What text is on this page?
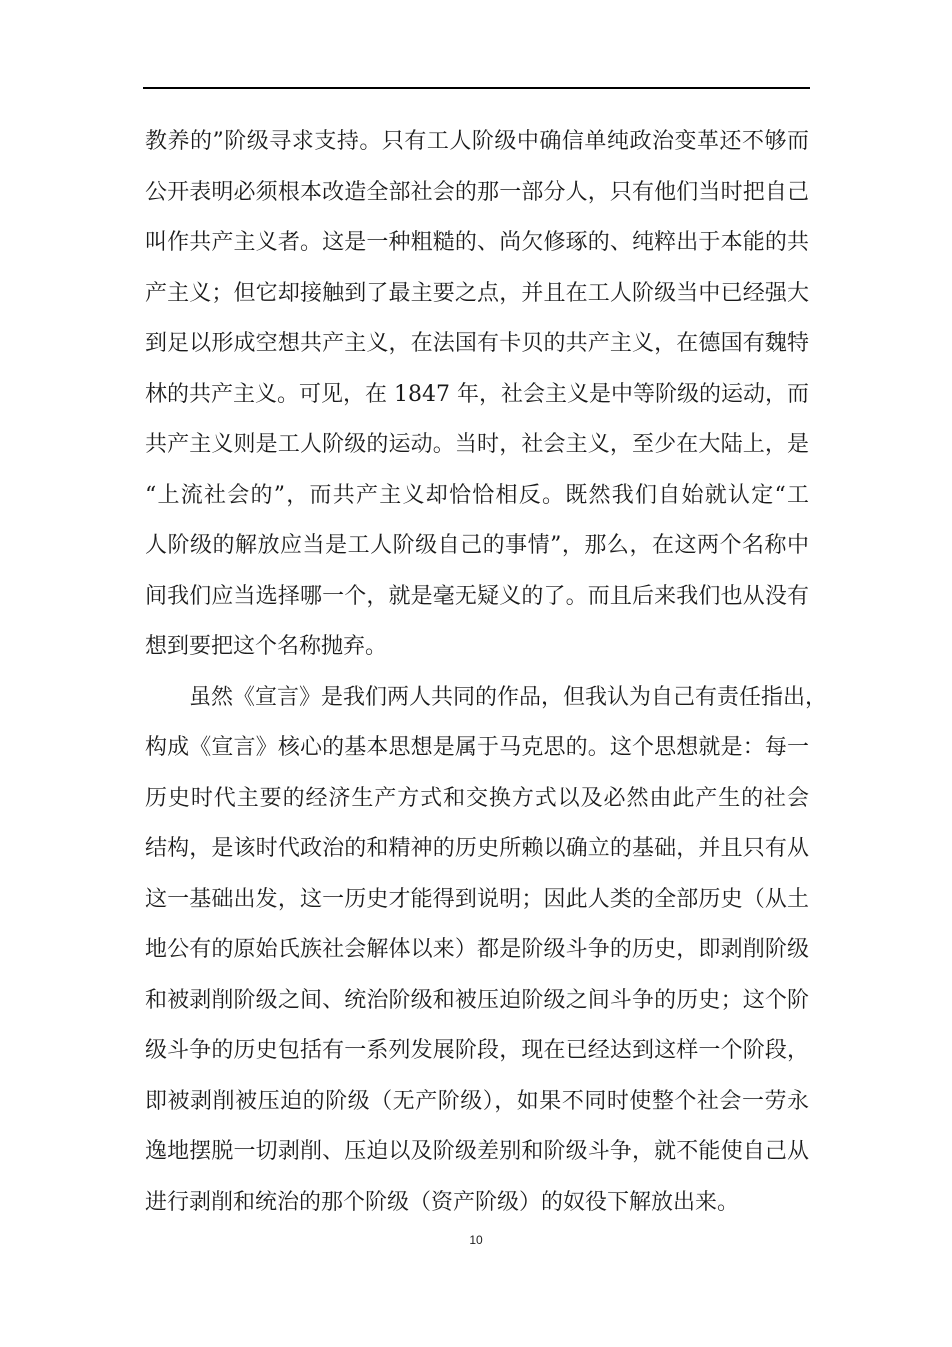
教养的”阶级寻求支持。只有工人阶级中确信单纯政治变革还不够而
公开表明必须根本改造全部社会的那一部分人，只有他们当时把自己
叫作共产主义者。这是一种粗糙的、尚欠修琢的、纯粹出于本能的共
产主义；但它却接触到了最主要之点，并且在工人阶级当中已经强大
到足以形成空想共产主义，在法国有卡贝的共产主义，在德国有魏特
林的共产主义。可见，在 1847 年，社会主义是中等阶级的运动，而
共产主义则是工人阶级的运动。当时，社会主义，至少在大陆上，是
“上流社会的”，而共产主义却恰恰相反。既然我们自始就认定“工
人阶级的解放应当是工人阶级自己的事情”，那么，在这两个名称中
间我们应当选择哪一个，就是毫无疑义的了。而且后来我们也从没有
想到要把这个名称抛弃。
　　虽然《宣言》是我们两人共同的作品，但我认为自己有责任指出，
构成《宣言》核心的基本思想是属于马克思的。这个思想就是：每一
历史时代主要的经济生产方式和交换方式以及必然由此产生的社会
结构，是该时代政治的和精神的历史所赖以确立的基础，并且只有从
这一基础出发，这一历史才能得到说明；因此人类的全部历史（从土
地公有的原始氏族社会解体以来）都是阶级斗争的历史，即剥削阶级
和被剥削阶级之间、统治阶级和被压迫阶级之间斗争的历史；这个阶
级斗争的历史包括有一系列发展阶段，现在已经达到这样一个阶段，
即被剥削被压迫的阶级（无产阶级），如果不同时使整个社会一劳永
逸地摆脱一切剥削、压迫以及阶级差别和阶级斗争，就不能使自己从
进行剥削和统治的那个阶级（资产阶级）的奴役下解放出来。
10
